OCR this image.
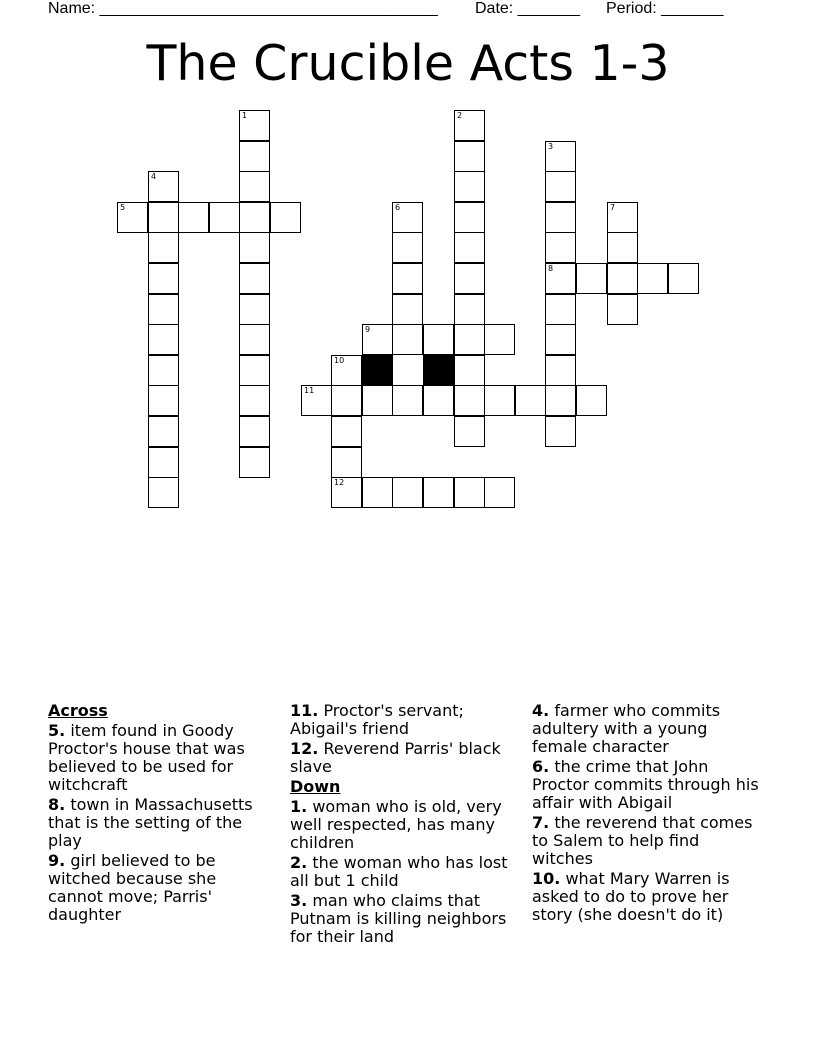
Name: ______________________________________ Date: _______ Period: _______
The Crucible Acts 1-3
5
8
9
11
12
1	2
3
4
6	7
10
Across
5. item found in Goody Proctor's house that was believed to be used for witchcraft
8. town in Massachusetts that is the setting of the play
9. girl believed to be witched because she cannot move; Parris' daughter
11. Proctor's servant; Abigail's friend
12. Reverend Parris' black slave
Down
1. woman who is old, very well respected, has many children
2. the woman who has lost all but 1 child
3. man who claims that Putnam is killing neighbors for their land
4. farmer who commits adultery with a young female character
6. the crime that John Proctor commits through his affair with Abigail
7. the reverend that comes to Salem to help find witches
10. what Mary Warren is asked to do to prove her story (she doesn't do it)
